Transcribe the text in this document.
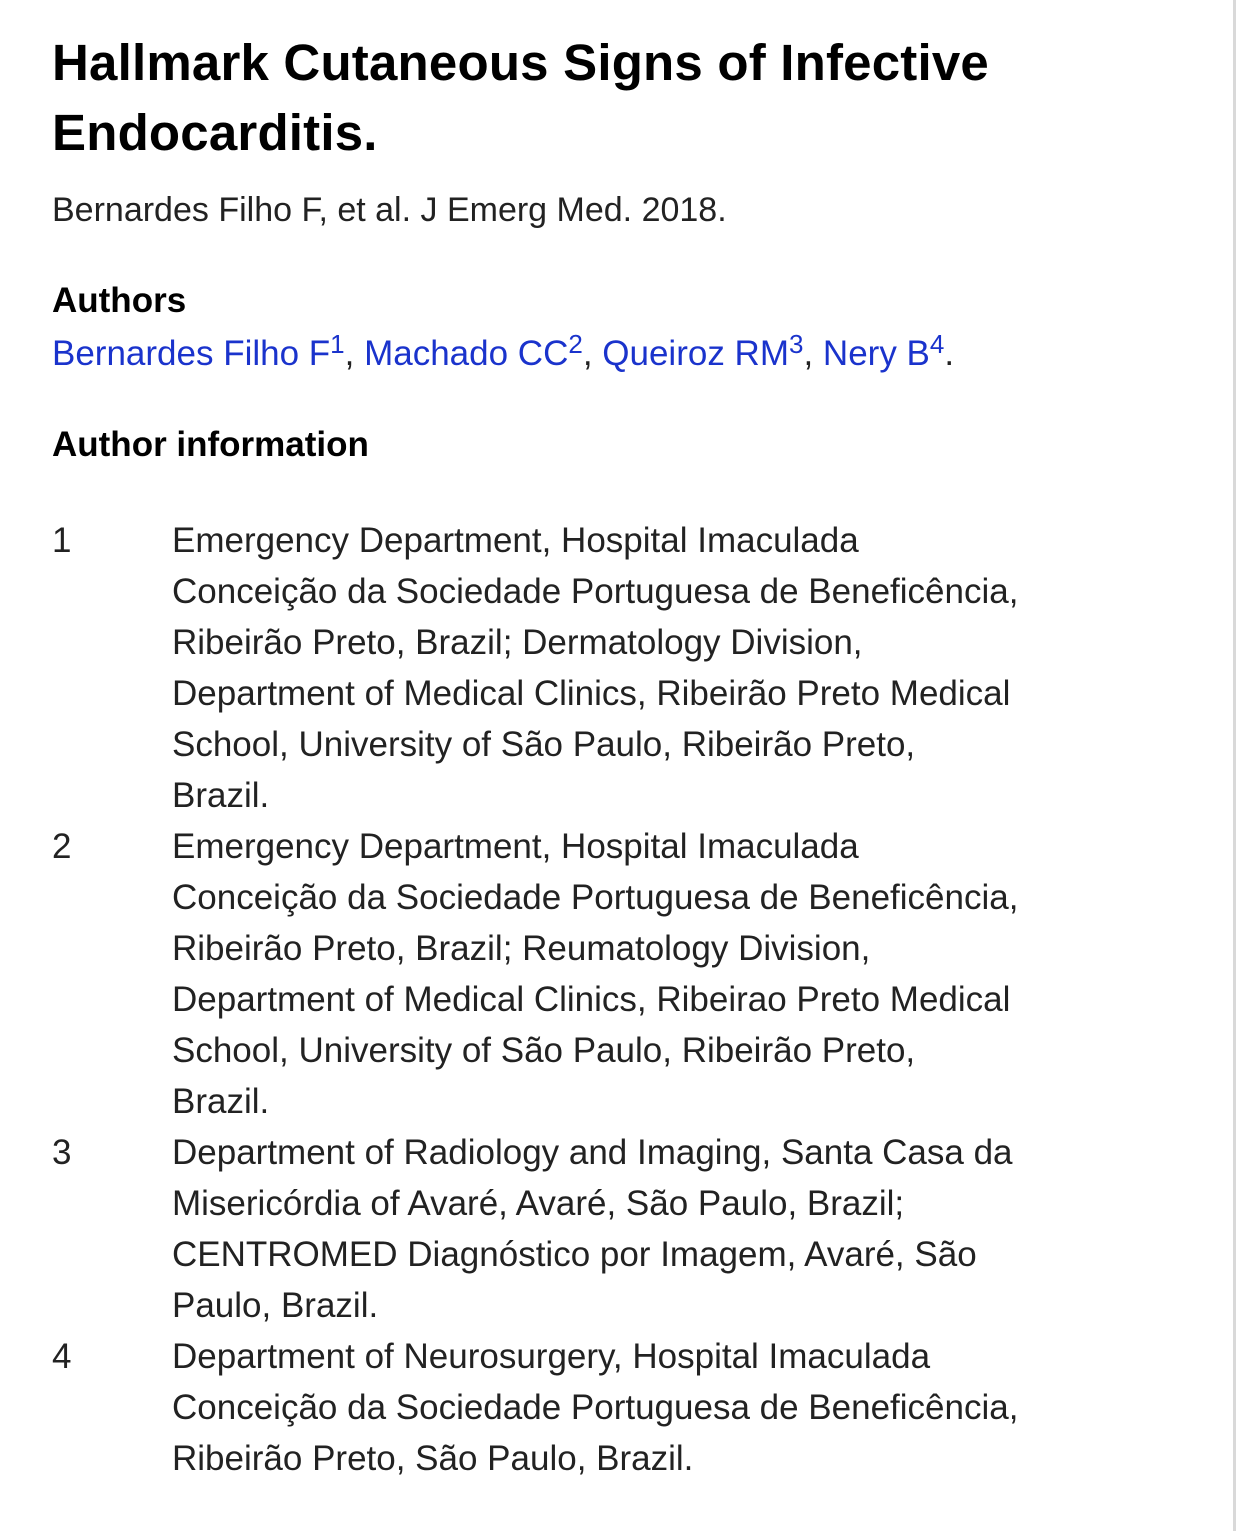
Hallmark Cutaneous Signs of Infective
Endocarditis.

Bernardes Filho F, et al. J Emerg Med. 2018.

Authors

Bernardes Filho F$^1$, Machado CC$^2$, Queiroz RM$^3$, Nery B$^4$.

Author information
1	Emergency Department, Hospital Imaculada
Conceição da Sociedade Portuguesa de Beneficência,
Ribeirão Preto, Brazil; Dermatology Division,
Department of Medical Clinics, Ribeirão Preto Medical
School, University of São Paulo, Ribeirão Preto,
Brazil.
2	Emergency Department, Hospital Imaculada
Conceição da Sociedade Portuguesa de Beneficência,
Ribeirão Preto, Brazil; Reumatology Division,
Department of Medical Clinics, Ribeirao Preto Medical
School, University of São Paulo, Ribeirão Preto,
Brazil.
3	Department of Radiology and Imaging, Santa Casa da
Misericórdia of Avaré, Avaré, São Paulo, Brazil;
CENTROMED Diagnóstico por Imagem, Avaré, São
Paulo, Brazil.
4	Department of Neurosurgery, Hospital Imaculada
Conceição da Sociedade Portuguesa de Beneficência,
Ribeirão Preto, São Paulo, Brazil.
